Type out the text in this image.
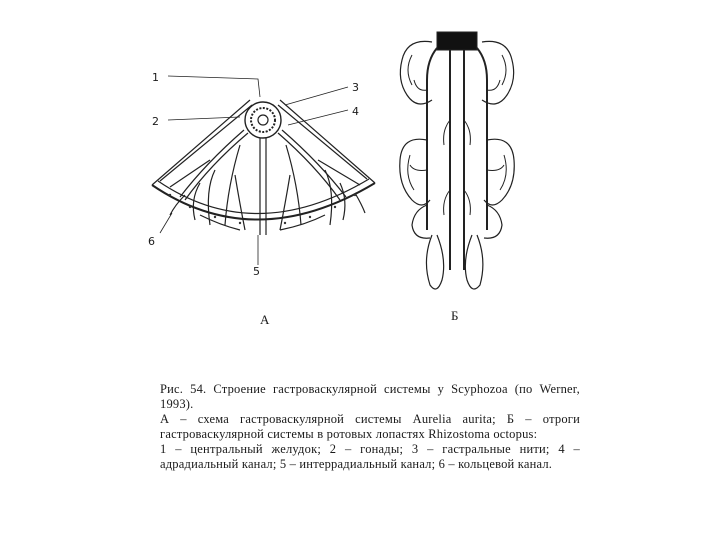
1
2
3
4
5
6
A	Б

Рис. 54. Строение гастроваскулярной системы у Scyphozoa (по Werner, 1993).

А – схема гастроваскулярной системы Aurelia aurita; Б – отроги гастроваскулярной системы в ротовых лопастях Rhizostoma octopus:

1 – центральный желудок; 2 – гонады; 3 – гастральные нити; 4 – адрадиальный канал; 5 – интеррадиальный канал; 6 – кольцевой канал.
